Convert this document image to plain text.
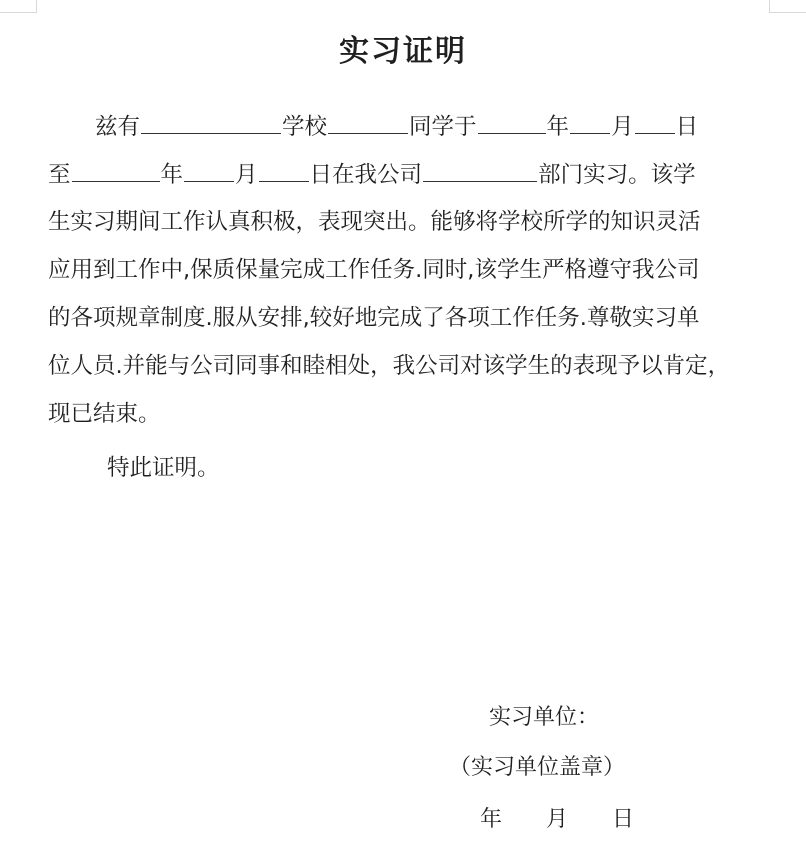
实习证明
兹有	学校	同学于	年 月 日
至	年 月 日在我公司	部门实习。该学
生实习期间工作认真积极，表现突出。能够将学校所学的知识灵活
应用到工作中,保质保量完成工作任务.同时,该学生严格遵守我公司
的各项规章制度.服从安排,较好地完成了各项工作任务.尊敬实习单
位人员.并能与公司同事和睦相处，我公司对该学生的表现予以肯定，
现已结束。
特此证明。
实习单位：
（实习单位盖章）
年　　月　　日
